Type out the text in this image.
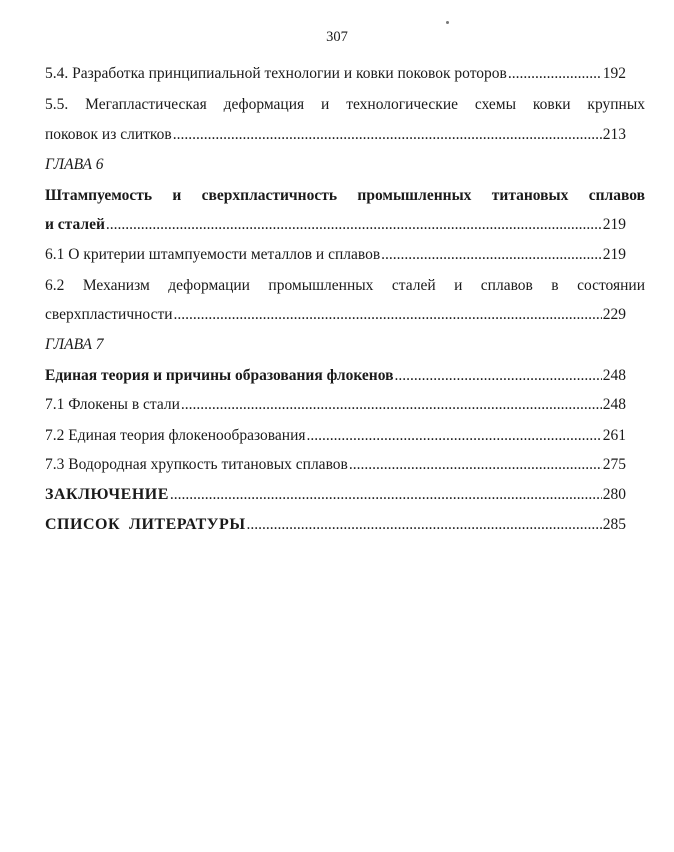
307
5.4. Разработка принципиальной технологии и ковки поковок роторов .....	192
5.5. Мегапластическая деформация и технологические схемы ковки крупных
поковок из слитков .....	213
ГЛАВА 6
Штампуемость и сверхпластичность промышленных титановых сплавов
и сталей .....	219
6.1 О критерии штампуемости металлов и сплавов .....	219
6.2 Механизм деформации промышленных сталей и сплавов в состоянии
сверхпластичности .....	229
ГЛАВА 7
Единая теория и причины образования флокенов .....	248
7.1 Флокены в стали .....	248
7.2 Единая теория флокенообразования .....	261
7.3 Водородная хрупкость титановых сплавов .....	275
ЗАКЛЮЧЕНИЕ .....	280
СПИСОК  ЛИТЕРАТУРЫ .....	285
